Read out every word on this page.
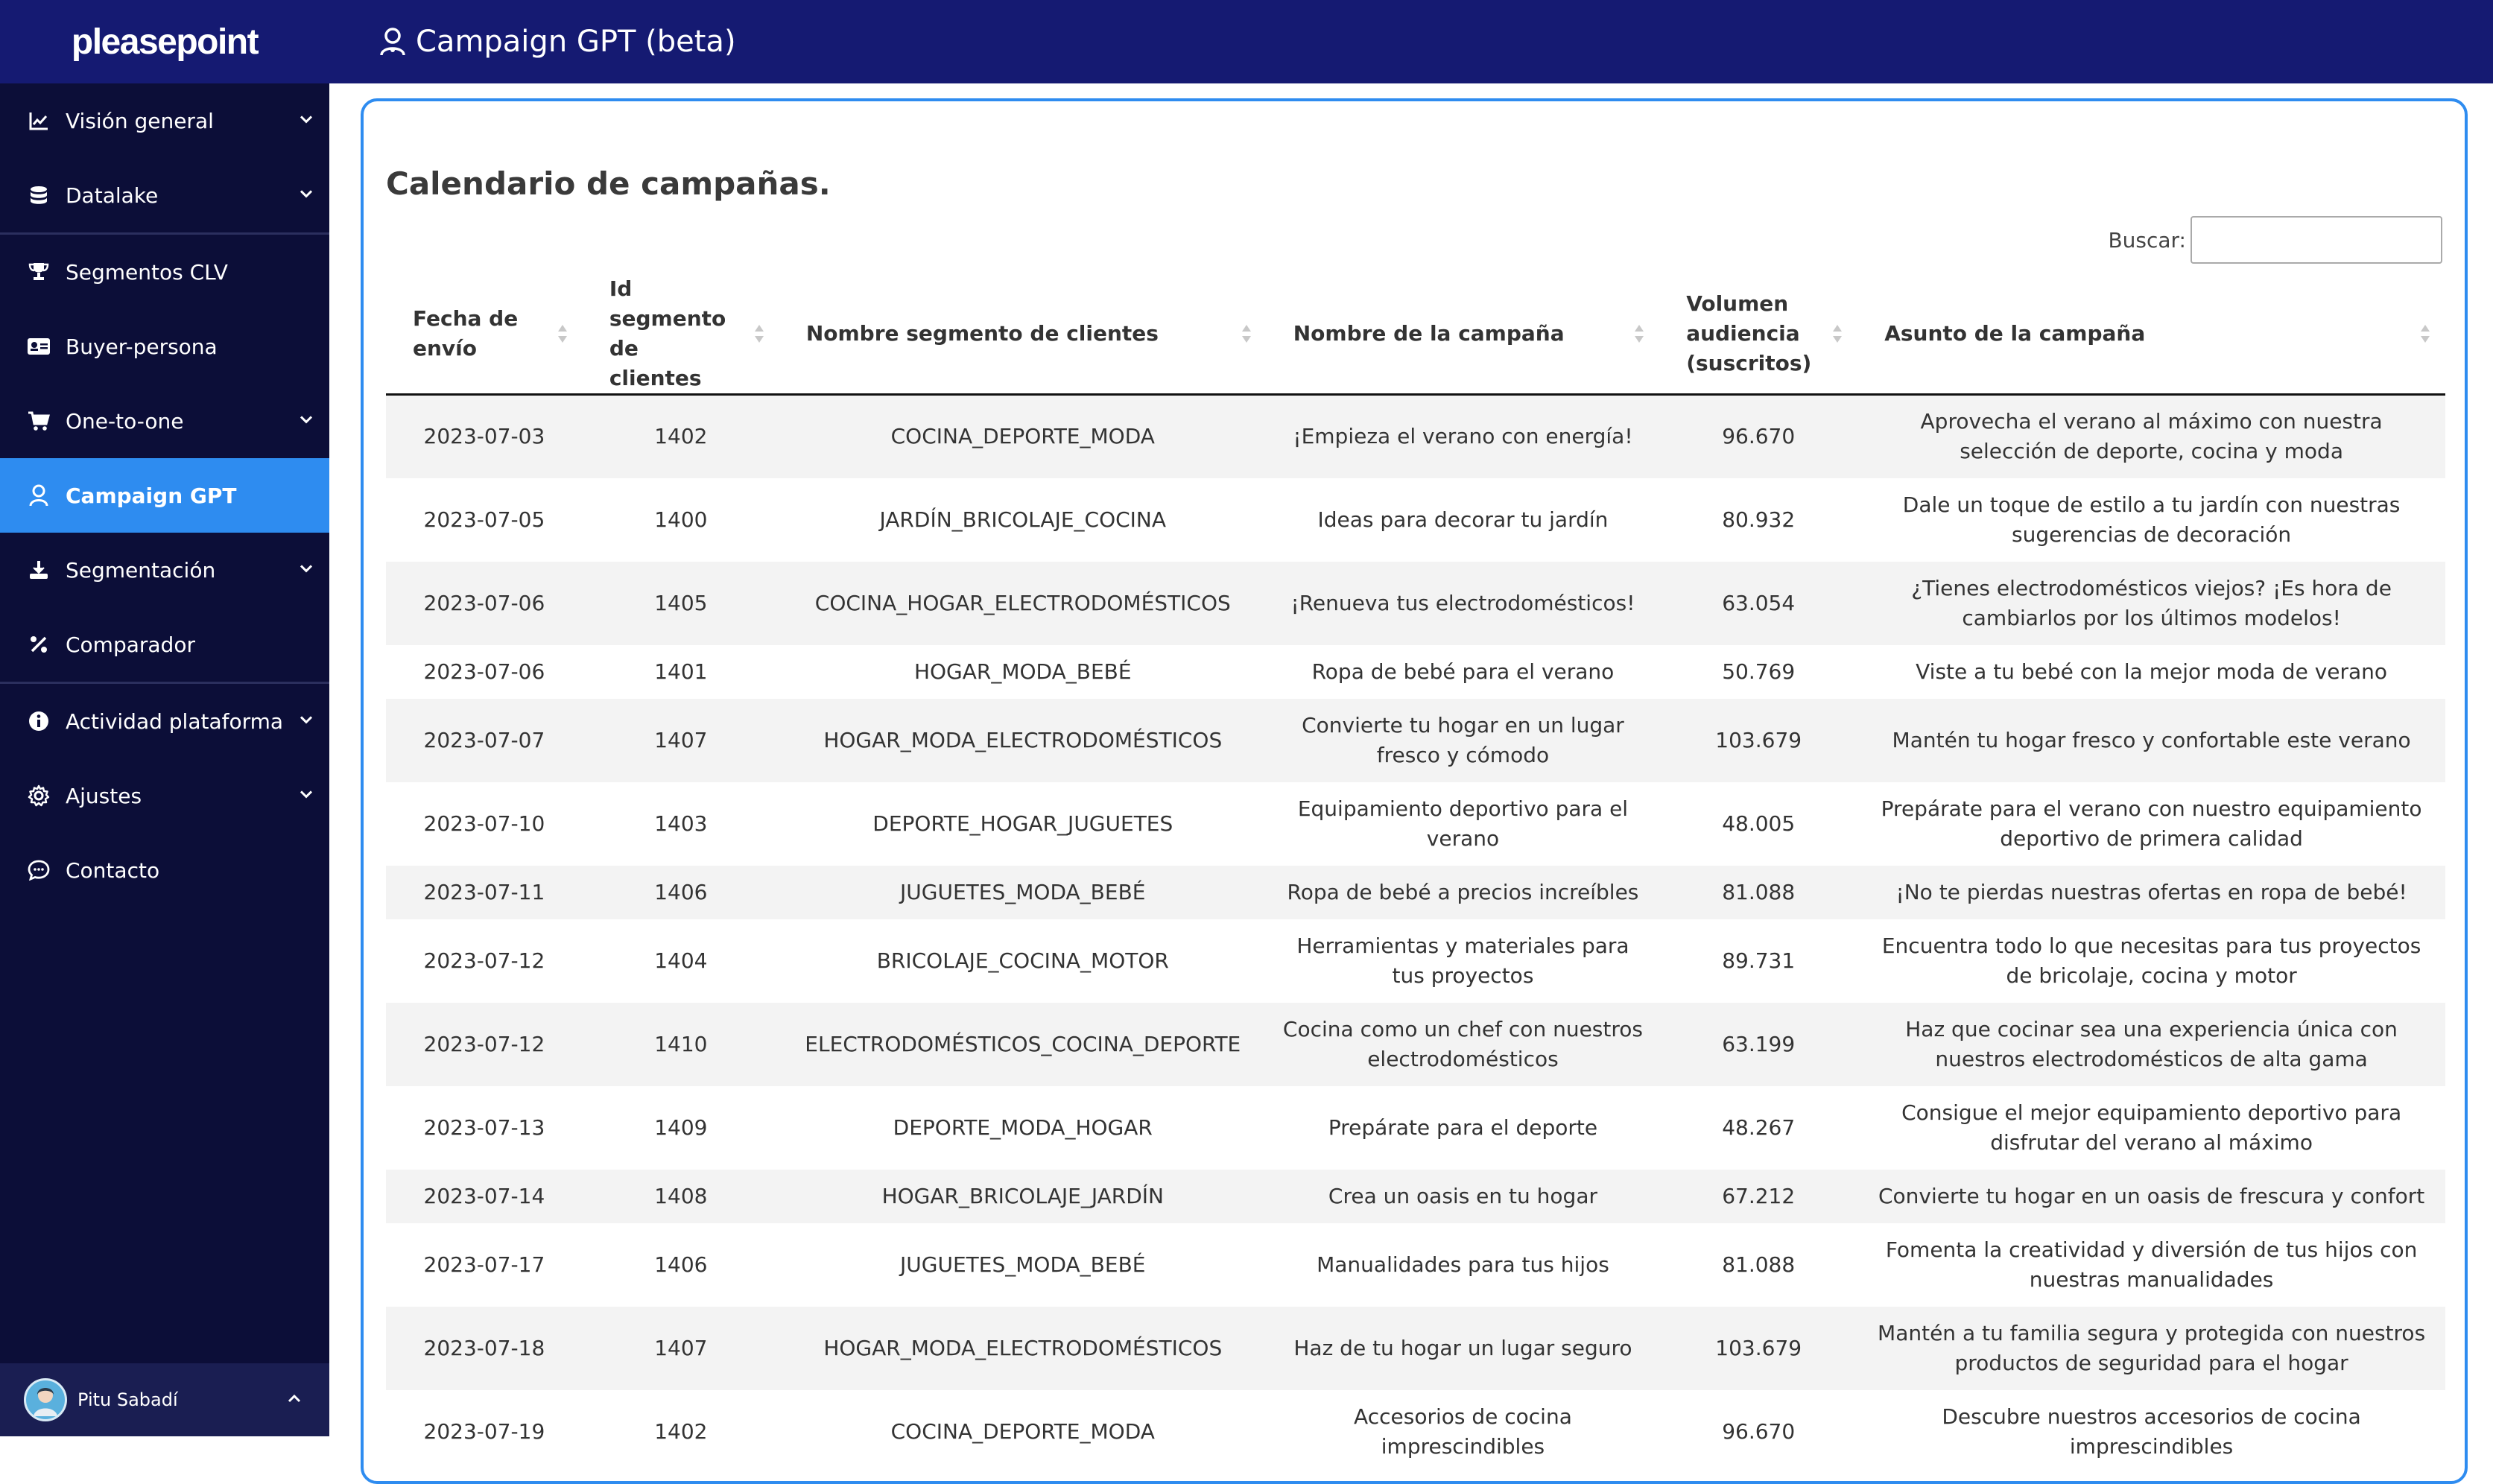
pleasepoint
Visión general
Datalake
Segmentos CLV
Buyer-persona
One-to-one
Campaign GPT
Segmentación
Comparador
Actividad plataforma
Ajustes
Contacto
Pitu Sabadí
Campaign GPT (beta)
Calendario de campañas.
Buscar:
Fecha de envío	Id segmento de clientes	Nombre segmento de clientes	Nombre de la campaña	Volumen audiencia (suscritos)	Asunto de la campaña

2023-07-03	1402	COCINA_DEPORTE_MODA	¡Empieza el verano con energía!	96.670	Aprovecha el verano al máximo con nuestra selección de deporte, cocina y moda
2023-07-05	1400	JARDÍN_BRICOLAJE_COCINA	Ideas para decorar tu jardín	80.932	Dale un toque de estilo a tu jardín con nuestras sugerencias de decoración
2023-07-06	1405	COCINA_HOGAR_ELECTRODOMÉSTICOS	¡Renueva tus electrodomésticos!	63.054	¿Tienes electrodomésticos viejos? ¡Es hora de cambiarlos por los últimos modelos!
2023-07-06	1401	HOGAR_MODA_BEBÉ	Ropa de bebé para el verano	50.769	Viste a tu bebé con la mejor moda de verano
2023-07-07	1407	HOGAR_MODA_ELECTRODOMÉSTICOS	Convierte tu hogar en un lugar fresco y cómodo	103.679	Mantén tu hogar fresco y confortable este verano
2023-07-10	1403	DEPORTE_HOGAR_JUGUETES	Equipamiento deportivo para el verano	48.005	Prepárate para el verano con nuestro equipamiento deportivo de primera calidad
2023-07-11	1406	JUGUETES_MODA_BEBÉ	Ropa de bebé a precios increíbles	81.088	¡No te pierdas nuestras ofertas en ropa de bebé!
2023-07-12	1404	BRICOLAJE_COCINA_MOTOR	Herramientas y materiales para tus proyectos	89.731	Encuentra todo lo que necesitas para tus proyectos de bricolaje, cocina y motor
2023-07-12	1410	ELECTRODOMÉSTICOS_COCINA_DEPORTE	Cocina como un chef con nuestros electrodomésticos	63.199	Haz que cocinar sea una experiencia única con nuestros electrodomésticos de alta gama
2023-07-13	1409	DEPORTE_MODA_HOGAR	Prepárate para el deporte	48.267	Consigue el mejor equipamiento deportivo para disfrutar del verano al máximo
2023-07-14	1408	HOGAR_BRICOLAJE_JARDÍN	Crea un oasis en tu hogar	67.212	Convierte tu hogar en un oasis de frescura y confort
2023-07-17	1406	JUGUETES_MODA_BEBÉ	Manualidades para tus hijos	81.088	Fomenta la creatividad y diversión de tus hijos con nuestras manualidades
2023-07-18	1407	HOGAR_MODA_ELECTRODOMÉSTICOS	Haz de tu hogar un lugar seguro	103.679	Mantén a tu familia segura y protegida con nuestros productos de seguridad para el hogar
2023-07-19	1402	COCINA_DEPORTE_MODA	Accesorios de cocina imprescindibles	96.670	Descubre nuestros accesorios de cocina imprescindibles
